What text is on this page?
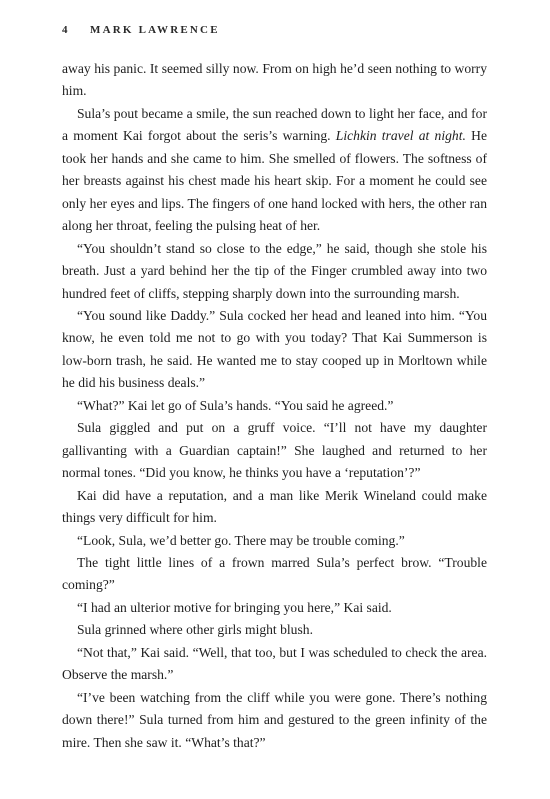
4 MARK LAWRENCE

away his panic. It seemed silly now. From on high he’d seen nothing to worry him.

Sula’s pout became a smile, the sun reached down to light her face, and for a moment Kai forgot about the seris’s warning. Lichkin travel at night. He took her hands and she came to him. She smelled of flowers. The softness of her breasts against his chest made his heart skip. For a moment he could see only her eyes and lips. The fingers of one hand locked with hers, the other ran along her throat, feeling the pulsing heat of her.

“You shouldn’t stand so close to the edge,” he said, though she stole his breath. Just a yard behind her the tip of the Finger crumbled away into two hundred feet of cliffs, stepping sharply down into the surrounding marsh.

“You sound like Daddy.” Sula cocked her head and leaned into him. “You know, he even told me not to go with you today? That Kai Summerson is low-born trash, he said. He wanted me to stay cooped up in Morltown while he did his business deals.”

“What?” Kai let go of Sula’s hands. “You said he agreed.”

Sula giggled and put on a gruff voice. “I’ll not have my daughter gallivanting with a Guardian captain!” She laughed and returned to her normal tones. “Did you know, he thinks you have a ‘reputation’?”

Kai did have a reputation, and a man like Merik Wineland could make things very difficult for him.

“Look, Sula, we’d better go. There may be trouble coming.”

The tight little lines of a frown marred Sula’s perfect brow. “Trouble coming?”

“I had an ulterior motive for bringing you here,” Kai said.

Sula grinned where other girls might blush.

“Not that,” Kai said. “Well, that too, but I was scheduled to check the area. Observe the marsh.”

“I’ve been watching from the cliff while you were gone. There’s nothing down there!” Sula turned from him and gestured to the green infinity of the mire. Then she saw it. “What’s that?”
